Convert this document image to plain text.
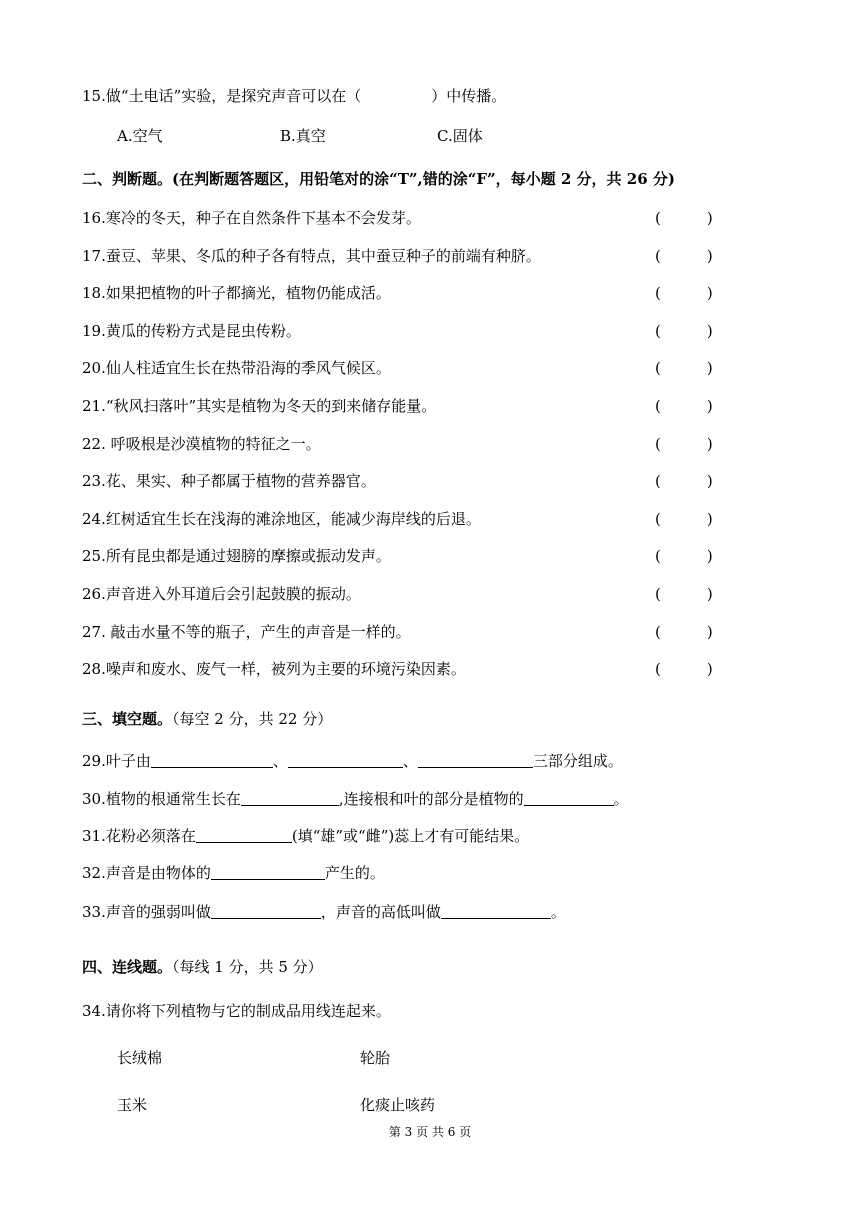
15.做“土电话”实验，是探究声音可以在（	）中传播。
A.空气	B.真空	C.固体
二、判断题。(在判断题答题区，用铅笔对的涂“T”,错的涂“F”，每小题 2 分，共 26 分)
16.寒冷的冬天，种子在自然条件下基本不会发芽。	(	)
17.蚕豆、苹果、冬瓜的种子各有特点，其中蚕豆种子的前端有种脐。	(	)
18.如果把植物的叶子都摘光，植物仍能成活。	(	)
19.黄瓜的传粉方式是昆虫传粉。	(	)
20.仙人柱适宜生长在热带沿海的季风气候区。	(	)
21.“秋风扫落叶”其实是植物为冬天的到来储存能量。	(	)
22. 呼吸根是沙漠植物的特征之一。	(	)
23.花、果实、种子都属于植物的营养器官。	(	)
24.红树适宜生长在浅海的滩涂地区，能减少海岸线的后退。	(	)
25.所有昆虫都是通过翅膀的摩擦或振动发声。	(	)
26.声音进入外耳道后会引起鼓膜的振动。	(	)
27. 敲击水量不等的瓶子，产生的声音是一样的。	(	)
28.噪声和废水、废气一样，被列为主要的环境污染因素。	(	)
三、填空题。（每空 2 分，共 22 分）
29.叶子由	、	、	三部分组成。
30.植物的根通常生长在	,连接根和叶的部分是植物的	。
31.花粉必须落在	(填“雄”或“雌”)蕊上才有可能结果。
32.声音是由物体的	产生的。
33.声音的强弱叫做	，声音的高低叫做	。
四、连线题。（每线 1 分，共 5 分）
34.请你将下列植物与它的制成品用线连起来。
长绒棉	轮胎
玉米	化痰止咳药
第 3 页 共 6 页
